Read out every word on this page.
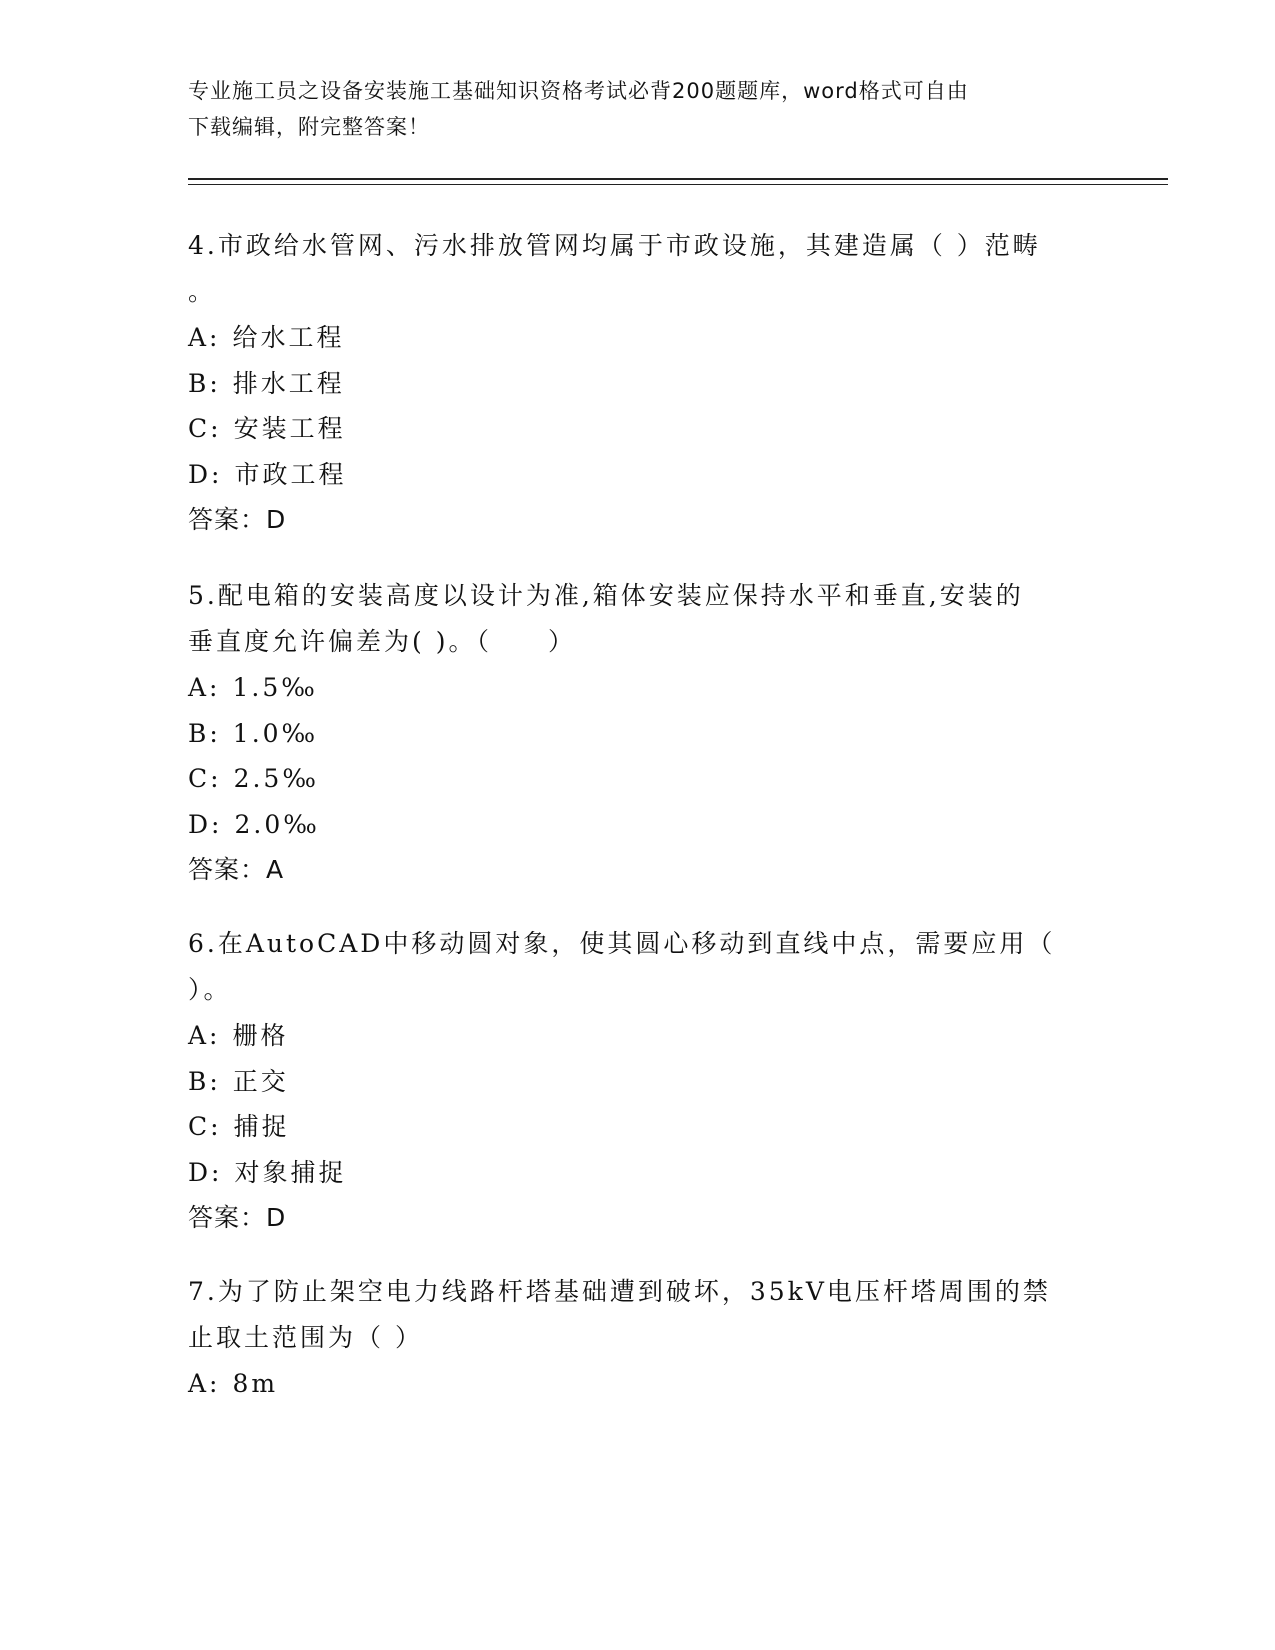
专业施工员之设备安装施工基础知识资格考试必背200题题库，word格式可自由
下载编辑，附完整答案！

4.市政给水管网、污水排放管网均属于市政设施，其建造属（ ）范畴

。

A: 给水工程

B: 排水工程

C: 安装工程

D: 市政工程

答案：D

5.配电箱的安装高度以设计为准,箱体安装应保持水平和垂直,安装的

垂直度允许偏差为( )。（　　）

A: 1.5‰

B: 1.0‰

C: 2.5‰

D: 2.0‰

答案：A

6.在AutoCAD中移动圆对象，使其圆心移动到直线中点，需要应用（

）。

A: 栅格

B: 正交

C: 捕捉

D: 对象捕捉

答案：D

7.为了防止架空电力线路杆塔基础遭到破坏，35kV电压杆塔周围的禁

止取土范围为（ ）

A: 8m
